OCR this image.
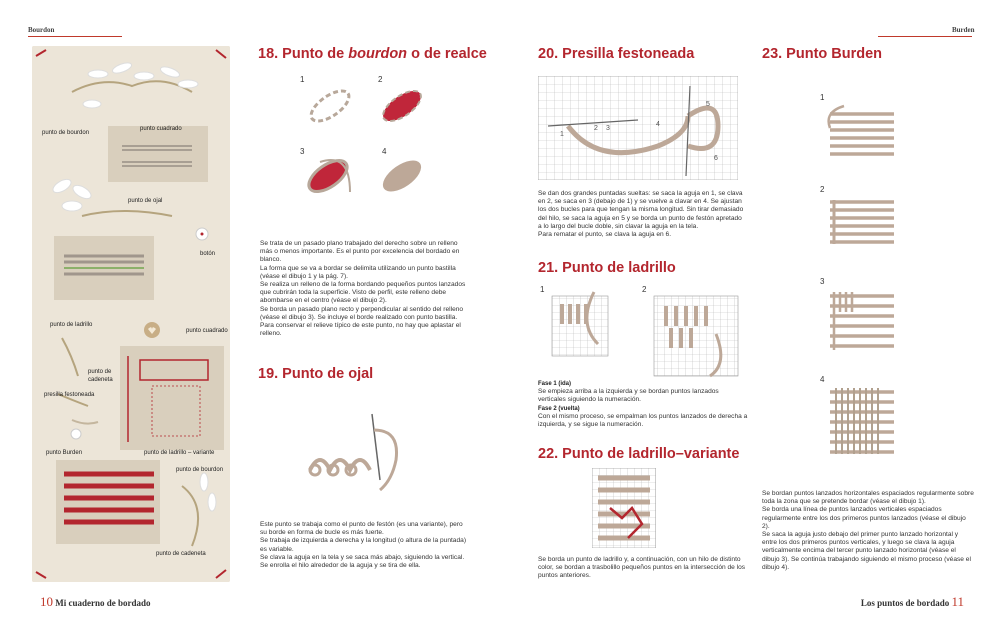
Bourdon	Burden
punto de bourdon
punto cuadrado
punto de ojal
botón
punto de ladrillo
punto cuadrado
punto de cadeneta
presilla festoneada
punto Burden	punto de ladrillo – variante
punto de bourdon
punto de cadeneta
18. Punto de bourdon o de realce
1	2
3	4
Se trata de un pasado plano trabajado del derecho sobre un relleno más o menos importante. Es el punto por excelencia del bordado en blanco.
La forma que se va a bordar se delimita utilizando un punto bastilla (véase el dibujo 1 y la pág. 7).
Se realiza un relleno de la forma bordando pequeños puntos lanzados que cubrirán toda la superficie. Visto de perfil, este relleno debe abombarse en el centro (véase el dibujo 2).
Se borda un pasado plano recto y perpendicular al sentido del relleno (véase el dibujo 3). Se incluye el borde realizado con punto bastilla. Para conservar el relieve típico de este punto, no hay que aplastar el relleno.
19. Punto de ojal
Este punto se trabaja como el punto de festón (es una variante), pero su borde en forma de bucle es más fuerte.
Se trabaja de izquierda a derecha y la longitud (o altura de la puntada) es variable.
Se clava la aguja en la tela y se saca más abajo, siguiendo la vertical. Se enrolla el hilo alrededor de la aguja y se tira de ella.
20. Presilla festoneada
1
2 3
4
5
6
Se dan dos grandes puntadas sueltas: se saca la aguja en 1, se clava en 2, se saca en 3 (debajo de 1) y se vuelve a clavar en 4. Se ajustan los dos bucles para que tengan la misma longitud. Sin tirar demasiado del hilo, se saca la aguja en 5 y se borda un punto de festón apretado a lo largo del bucle doble, sin clavar la aguja en la tela.
Para rematar el punto, se clava la aguja en 6.
21. Punto de ladrillo
1	2
Fase 1 (ida)
Se empieza arriba a la izquierda y se bordan puntos lanzados verticales siguiendo la numeración.
Fase 2 (vuelta)
Con el mismo proceso, se empalman los puntos lanzados de derecha a izquierda, y se sigue la numeración.
22. Punto de ladrillo–variante
Se borda un punto de ladrillo y, a continuación, con un hilo de distinto color, se bordan a trasbolillo pequeños puntos en la intersección de los puntos anteriores.
23. Punto Burden
1
2
3
4
Se bordan puntos lanzados horizontales espaciados regularmente sobre toda la zona que se pretende bordar (véase el dibujo 1).
Se borda una línea de puntos lanzados verticales espaciados regularmente entre los dos primeros puntos lanzados (véase el dibujo 2).
Se saca la aguja justo debajo del primer punto lanzado horizontal y entre los dos primeros puntos verticales, y luego se clava la aguja verticalmente encima del tercer punto lanzado horizontal (véase el dibujo 3). Se continúa trabajando siguiendo el mismo proceso (véase el dibujo 4).
10 Mi cuaderno de bordado	Los puntos de bordado 11
